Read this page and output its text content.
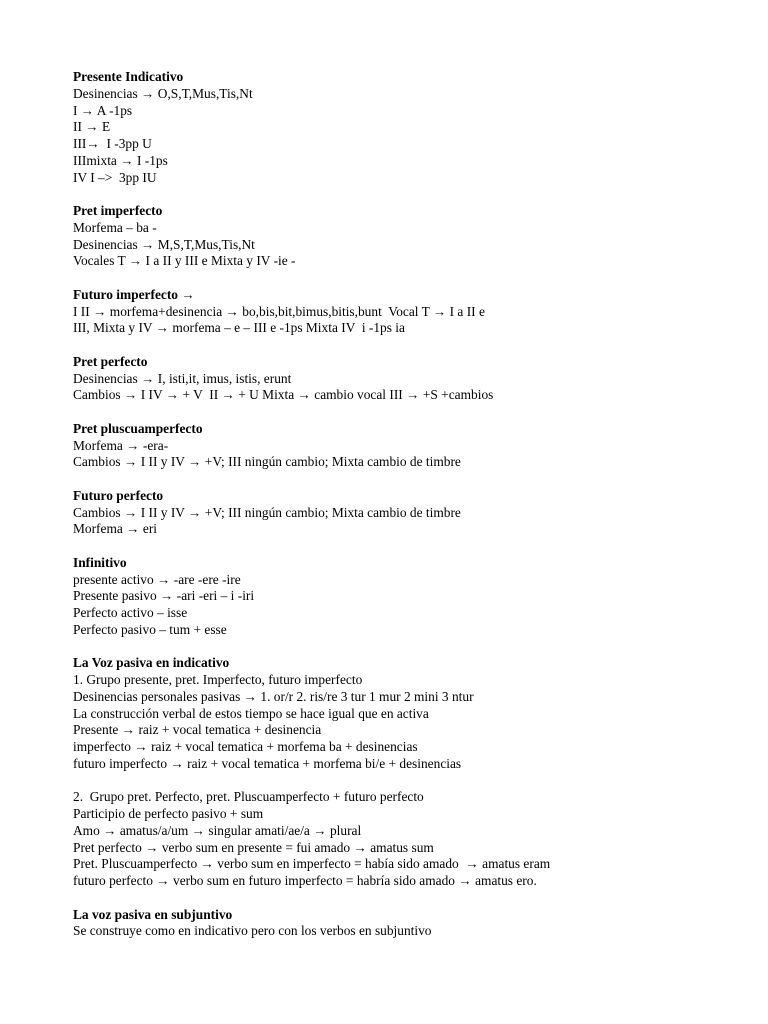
Presente Indicativo
Desinencias → O,S,T,Mus,Tis,Nt
I → A -1ps
II → E
III→  I -3pp U
IIImixta → I -1ps
IV I –>  3pp IU
Pret imperfecto
Morfema – ba -
Desinencias → M,S,T,Mus,Tis,Nt
Vocales T → I a II y III e Mixta y IV -ie -
Futuro imperfecto →
I II → morfema+desinencia → bo,bis,bit,bimus,bitis,bunt  Vocal T → I a II e
III, Mixta y IV → morfema – e – III e -1ps Mixta IV  i -1ps ia
Pret perfecto
Desinencias → I, isti,it, imus, istis, erunt
Cambios → I IV → + V  II → + U Mixta → cambio vocal III → +S +cambios
Pret pluscuamperfecto
Morfema → -era-
Cambios → I II y IV → +V; III ningún cambio; Mixta cambio de timbre
Futuro perfecto
Cambios → I II y IV → +V; III ningún cambio; Mixta cambio de timbre
Morfema → eri
Infinitivo
presente activo → -are -ere -ire
Presente pasivo → -ari -eri – i -iri
Perfecto activo – isse
Perfecto pasivo – tum + esse
La Voz pasiva en indicativo
1. Grupo presente, pret. Imperfecto, futuro imperfecto
Desinencias personales pasivas → 1. or/r 2. ris/re 3 tur 1 mur 2 mini 3 ntur
La construcción verbal de estos tiempo se hace igual que en activa
Presente → raiz + vocal tematica + desinencia
imperfecto → raiz + vocal tematica + morfema ba + desinencias
futuro imperfecto → raiz + vocal tematica + morfema bi/e + desinencias
2.  Grupo pret. Perfecto, pret. Pluscuamperfecto + futuro perfecto
Participio de perfecto pasivo + sum
Amo → amatus/a/um → singular amati/ae/a → plural
Pret perfecto → verbo sum en presente = fui amado → amatus sum
Pret. Pluscuamperfecto → verbo sum en imperfecto = había sido amado  → amatus eram
futuro perfecto → verbo sum en futuro imperfecto = habría sido amado → amatus ero.
La voz pasiva en subjuntivo
Se construye como en indicativo pero con los verbos en subjuntivo
